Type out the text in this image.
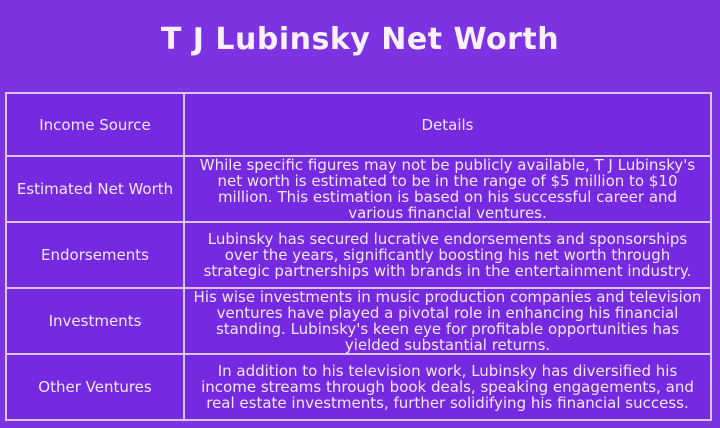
T J Lubinsky Net Worth
Income Source	Details
Estimated Net Worth	While specific figures may not be publicly available, T J Lubinsky's net worth is estimated to be in the range of $5 million to $10 million. This estimation is based on his successful career and various financial ventures.
Endorsements	Lubinsky has secured lucrative endorsements and sponsorships over the years, significantly boosting his net worth through strategic partnerships with brands in the entertainment industry.
Investments	His wise investments in music production companies and television ventures have played a pivotal role in enhancing his financial standing. Lubinsky's keen eye for profitable opportunities has yielded substantial returns.
Other Ventures	In addition to his television work, Lubinsky has diversified his income streams through book deals, speaking engagements, and real estate investments, further solidifying his financial success.
